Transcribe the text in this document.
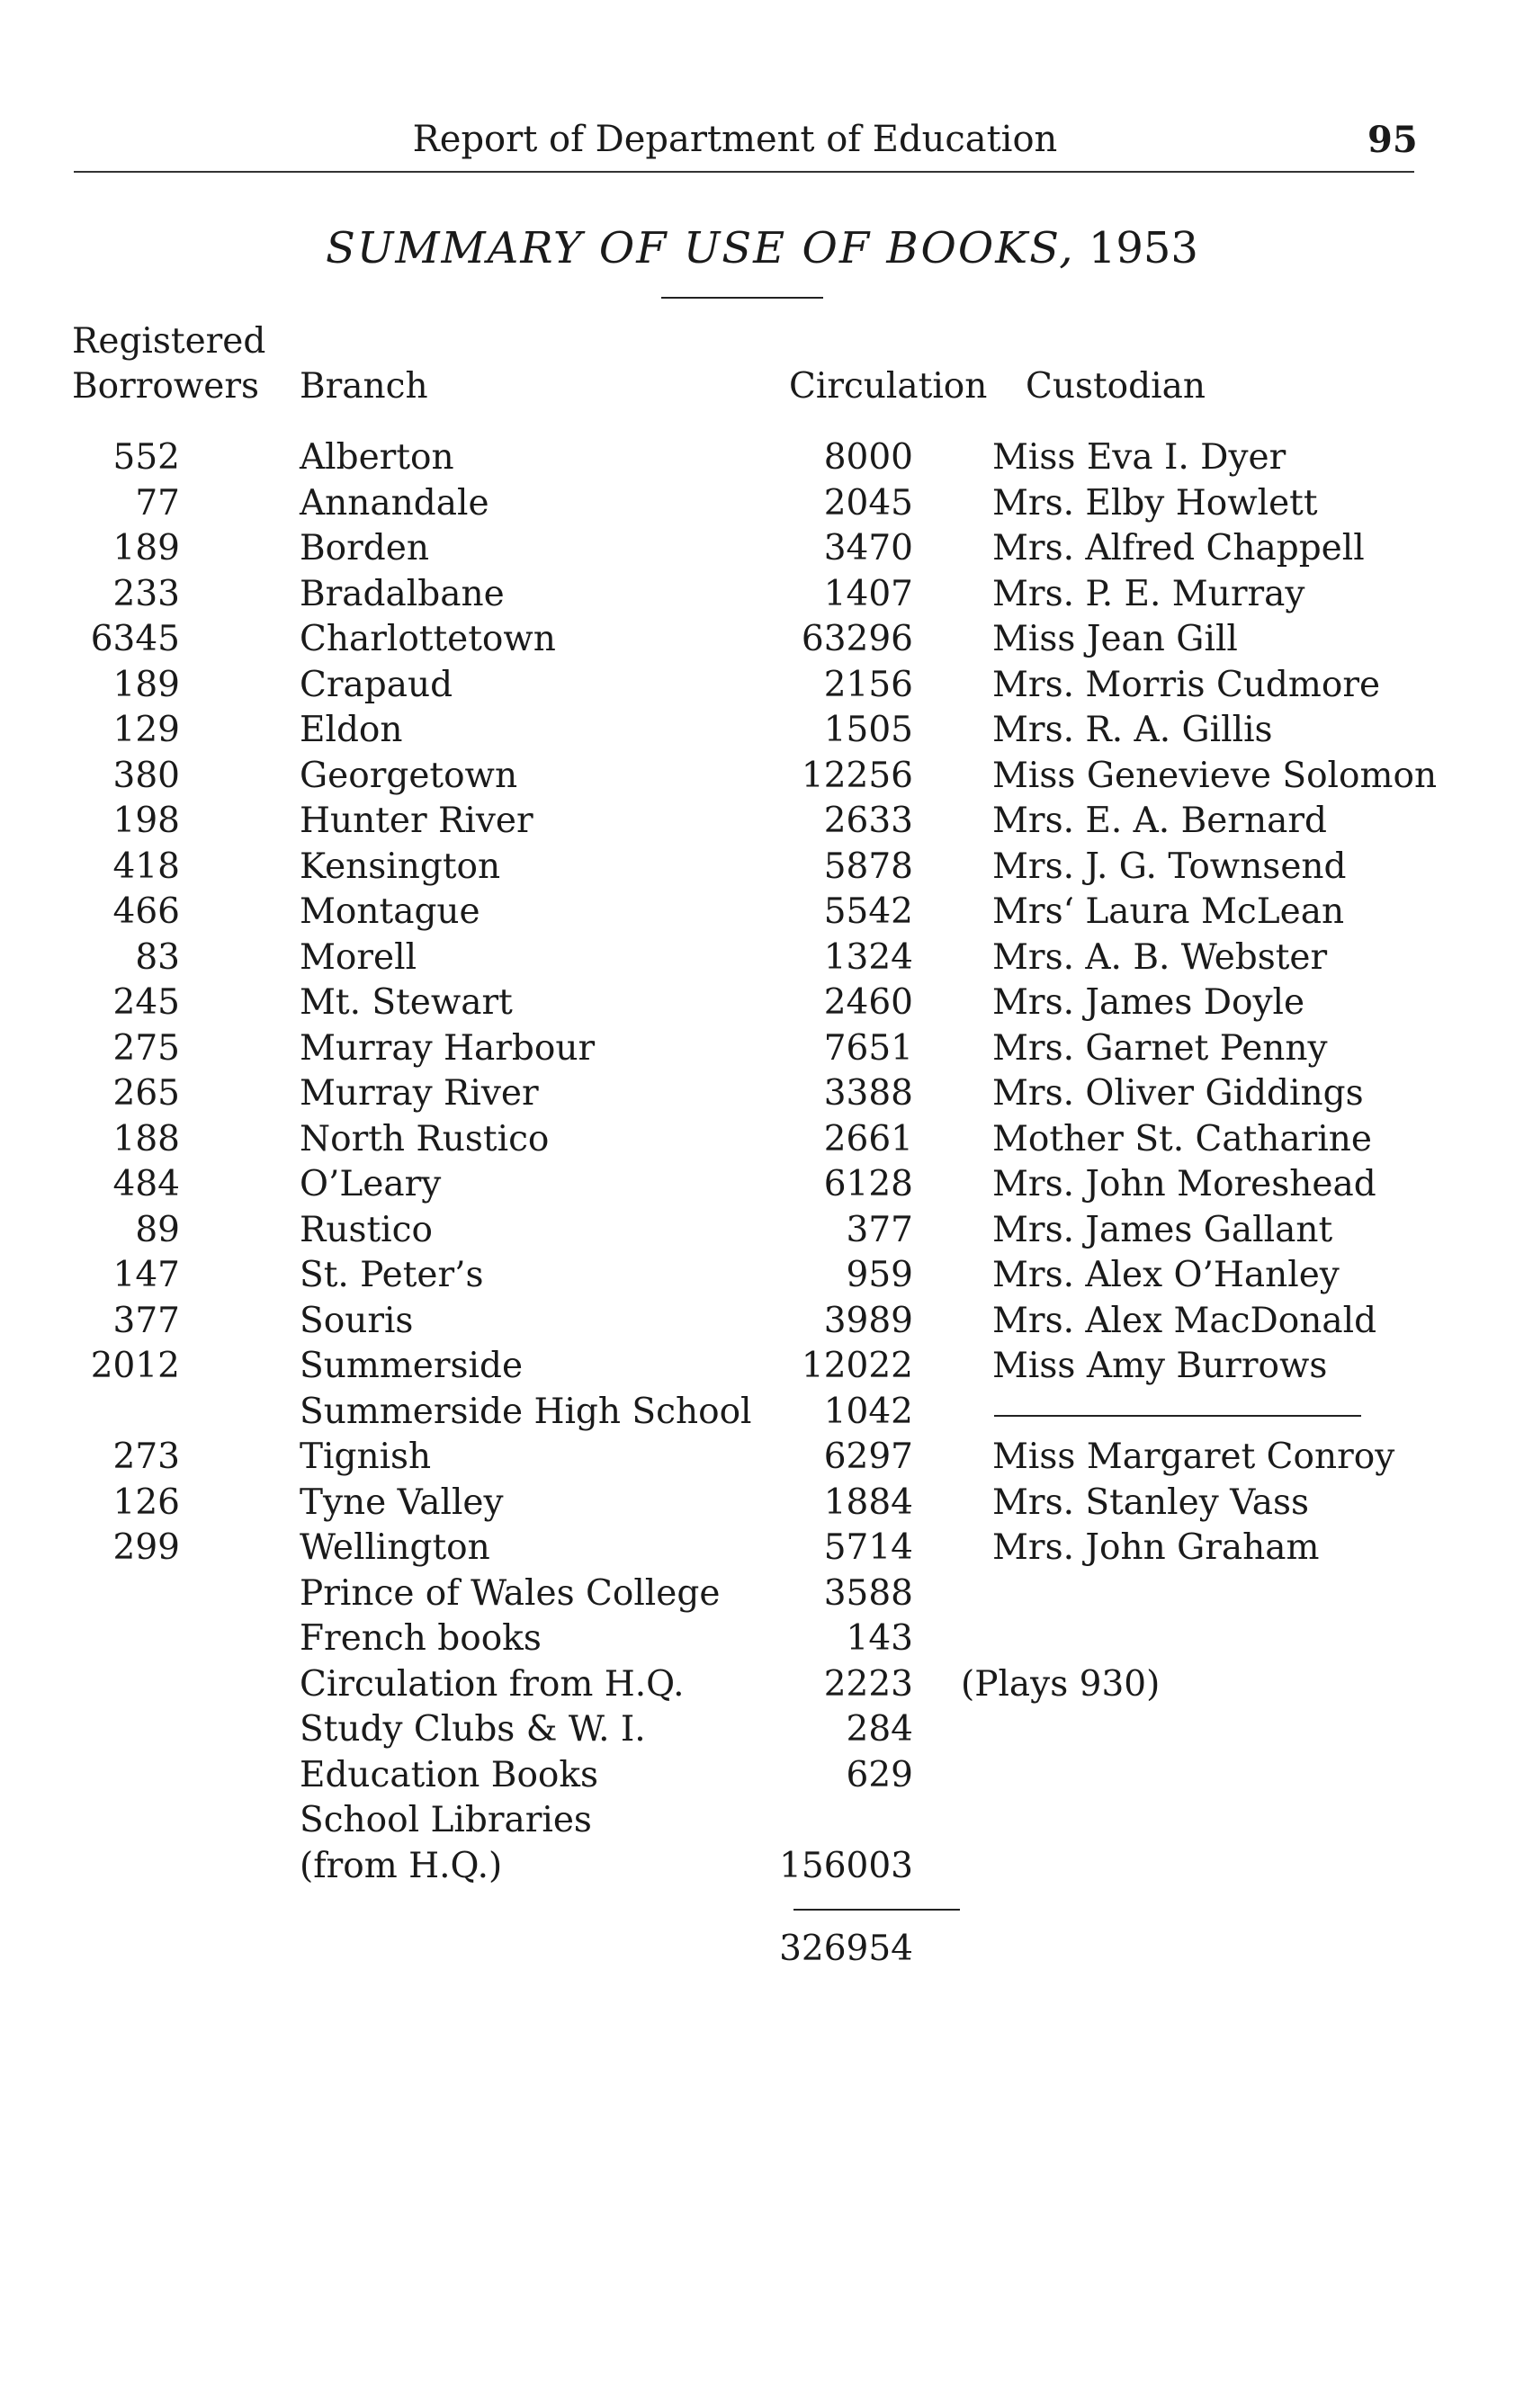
Report of Department of Education	95
SUMMARY OF USE OF BOOKS, 1953
Registered
Borrowers Branch	Circulation Custodian
552	Alberton	8000 Miss Eva I. Dyer
77	Annandale	2045 Mrs. Elby Howlett
189	Borden	3470 Mrs. Alfred Chappell
233	Bradalbane	1407 Mrs. P. E. Murray
6345	Charlottetown	63296 Miss Jean Gill
189	Crapaud	2156 Mrs. Morris Cudmore
129	Eldon	1505 Mrs. R. A. Gillis
380	Georgetown	12256 Miss Genevieve Solomon
198	Hunter River	2633 Mrs. E. A. Bernard
418	Kensington	5878 Mrs. J. G. Townsend
466	Montague	5542 Mrs‘ Laura McLean
83	Morell	1324 Mrs. A. B. Webster
245	Mt. Stewart	2460 Mrs. James Doyle
275	Murray Harbour	7651 Mrs. Garnet Penny
265	Murray River	3388 Mrs. Oliver Giddings
188	North Rustico	2661 Mother St. Catharine
484	O’Leary	6128 Mrs. John Moreshead
89	Rustico	377 Mrs. James Gallant
147	St. Peter’s	959 Mrs. Alex O’Hanley
377	Souris	3989 Mrs. Alex MacDonald
2012	Summerside	12022 Miss Amy Burrows
Summerside High School	1042
273	Tignish	6297 Miss Margaret Conroy
126	Tyne Valley	1884 Mrs. Stanley Vass
299	Wellington	5714 Mrs. John Graham
Prince of Wales College	3588
French books	143
Circulation from H.Q.	2223 (Plays 930)
Study Clubs & W. I.	284
Education Books	629
School Libraries
(from H.Q.)	156003
326954
